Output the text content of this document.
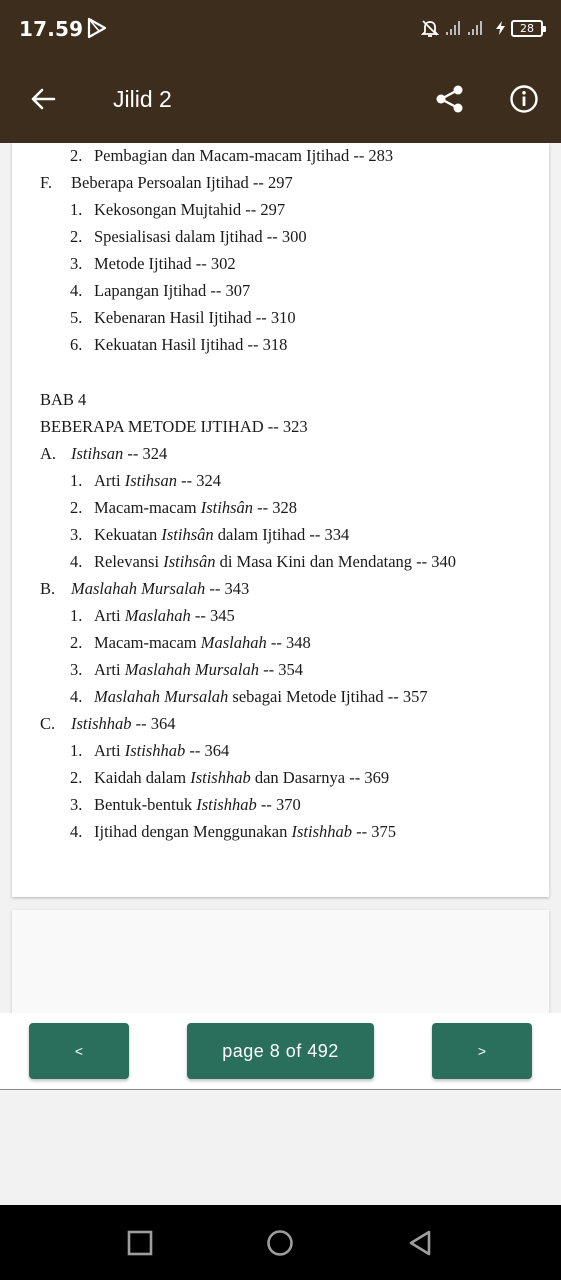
17.59	28
Jilid 2
2. Pembagian dan Macam-macam Ijtihad -- 283
F. Beberapa Persoalan Ijtihad -- 297
1. Kekosongan Mujtahid -- 297
2. Spesialisasi dalam Ijtihad -- 300
3. Metode Ijtihad -- 302
4. Lapangan Ijtihad -- 307
5. Kebenaran Hasil Ijtihad -- 310
6. Kekuatan Hasil Ijtihad -- 318
BAB 4
BEBERAPA METODE IJTIHAD -- 323
A. Istihsan -- 324
1. Arti Istihsan -- 324
2. Macam-macam Istihsân -- 328
3. Kekuatan Istihsân dalam Ijtihad -- 334
4. Relevansi Istihsân di Masa Kini dan Mendatang -- 340
B. Maslahah Mursalah -- 343
1. Arti Maslahah -- 345
2. Macam-macam Maslahah -- 348
3. Arti Maslahah Mursalah -- 354
4. Maslahah Mursalah sebagai Metode Ijtihad -- 357
C. Istishhab -- 364
1. Arti Istishhab -- 364
2. Kaidah dalam Istishhab dan Dasarnya -- 369
3. Bentuk-bentuk Istishhab -- 370
4. Ijtihad dengan Menggunakan Istishhab -- 375
<	page 8 of 492	>
